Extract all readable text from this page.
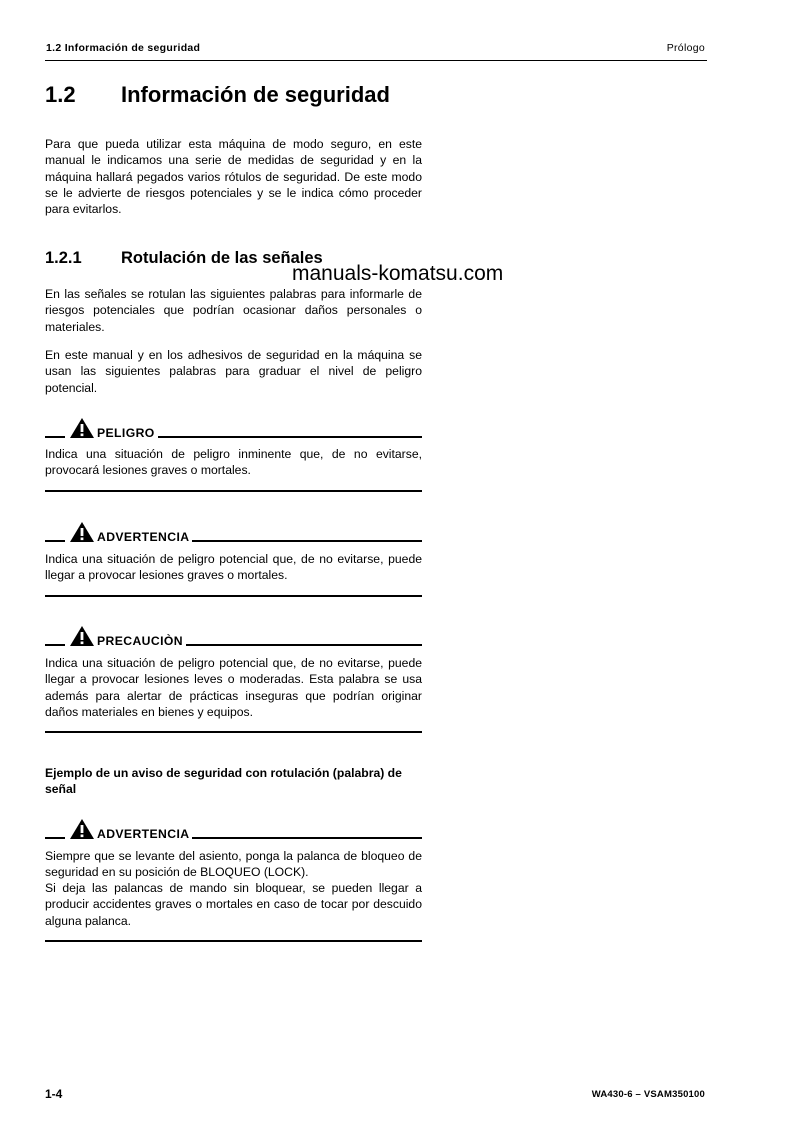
1.2 Información de seguridad	Prólogo
1.2 Información de seguridad
Para que pueda utilizar esta máquina de modo seguro, en este manual le indicamos una serie de medidas de seguridad y en la máquina hallará pegados varios rótulos de seguridad. De este modo se le advierte de riesgos potenciales y se le indica cómo proceder para evitarlos.
1.2.1 Rotulación de las señales
manuals-komatsu.com
En las señales se rotulan las siguientes palabras para informarle de riesgos potenciales que podrían ocasionar daños personales o materiales.
En este manual y en los adhesivos de seguridad en la máquina se usan las siguientes palabras para graduar el nivel de peligro potencial.
PELIGRO
Indica una situación de peligro inminente que, de no evitarse, provocará lesiones graves o mortales.
ADVERTENCIA
Indica una situación de peligro potencial que, de no evitarse, puede llegar a provocar lesiones graves o mortales.
PRECAUCIÒN
Indica una situación de peligro potencial que, de no evitarse, puede llegar a provocar lesiones leves o moderadas. Esta palabra se usa además para alertar de prácticas inseguras que podrían originar daños materiales en bienes y equipos.
Ejemplo de un aviso de seguridad con rotulación (palabra) de señal
ADVERTENCIA
Siempre que se levante del asiento, ponga la palanca de bloqueo de seguridad en su posición de BLOQUEO (LOCK).
Si deja las palancas de mando sin bloquear, se pueden llegar a producir accidentes graves o mortales en caso de tocar por descuido alguna palanca.
1-4	WA430-6 – VSAM350100
